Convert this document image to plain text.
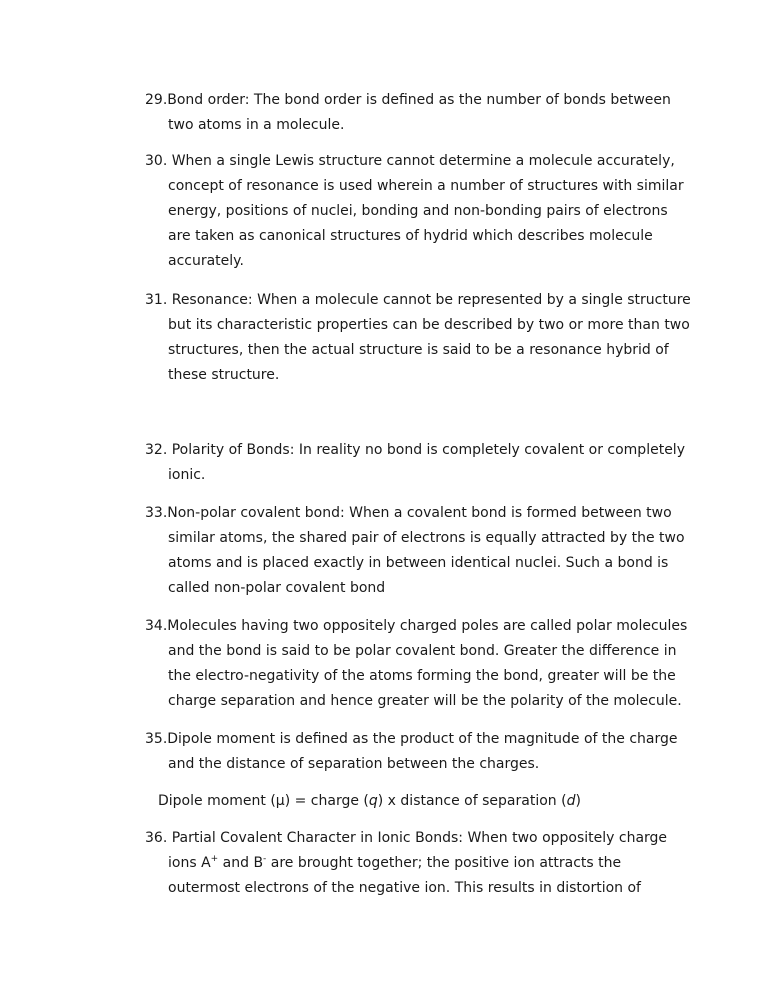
29.Bond order: The bond order is defined as the number of bonds between
two atoms in a molecule.
30. When a single Lewis structure cannot determine a molecule accurately,
concept of resonance is used wherein a number of structures with similar
energy, positions of nuclei, bonding and non-bonding pairs of electrons
are taken as canonical structures of hydrid which describes molecule
accurately.
31. Resonance: When a molecule cannot be represented by a single structure
but its characteristic properties can be described by two or more than two
structures, then the actual structure is said to be a resonance hybrid of
these structure.
32. Polarity of Bonds: In reality no bond is completely covalent or completely
ionic.
33.Non-polar covalent bond: When a covalent bond is formed between two
similar atoms, the shared pair of electrons is equally attracted by the two
atoms and is placed exactly in between identical nuclei. Such a bond is
called non-polar covalent bond
34.Molecules having two oppositely charged poles are called polar molecules
and the bond is said to be polar covalent bond. Greater the difference in
the electro-negativity of the atoms forming the bond, greater will be the
charge separation and hence greater will be the polarity of the molecule.
35.Dipole moment is defined as the product of the magnitude of the charge
and the distance of separation between the charges.
Dipole moment (μ) = charge (q) x distance of separation (d)
36. Partial Covalent Character in Ionic Bonds: When two oppositely charge
ions A+ and B- are brought together; the positive ion attracts the
outermost electrons of the negative ion. This results in distortion of
